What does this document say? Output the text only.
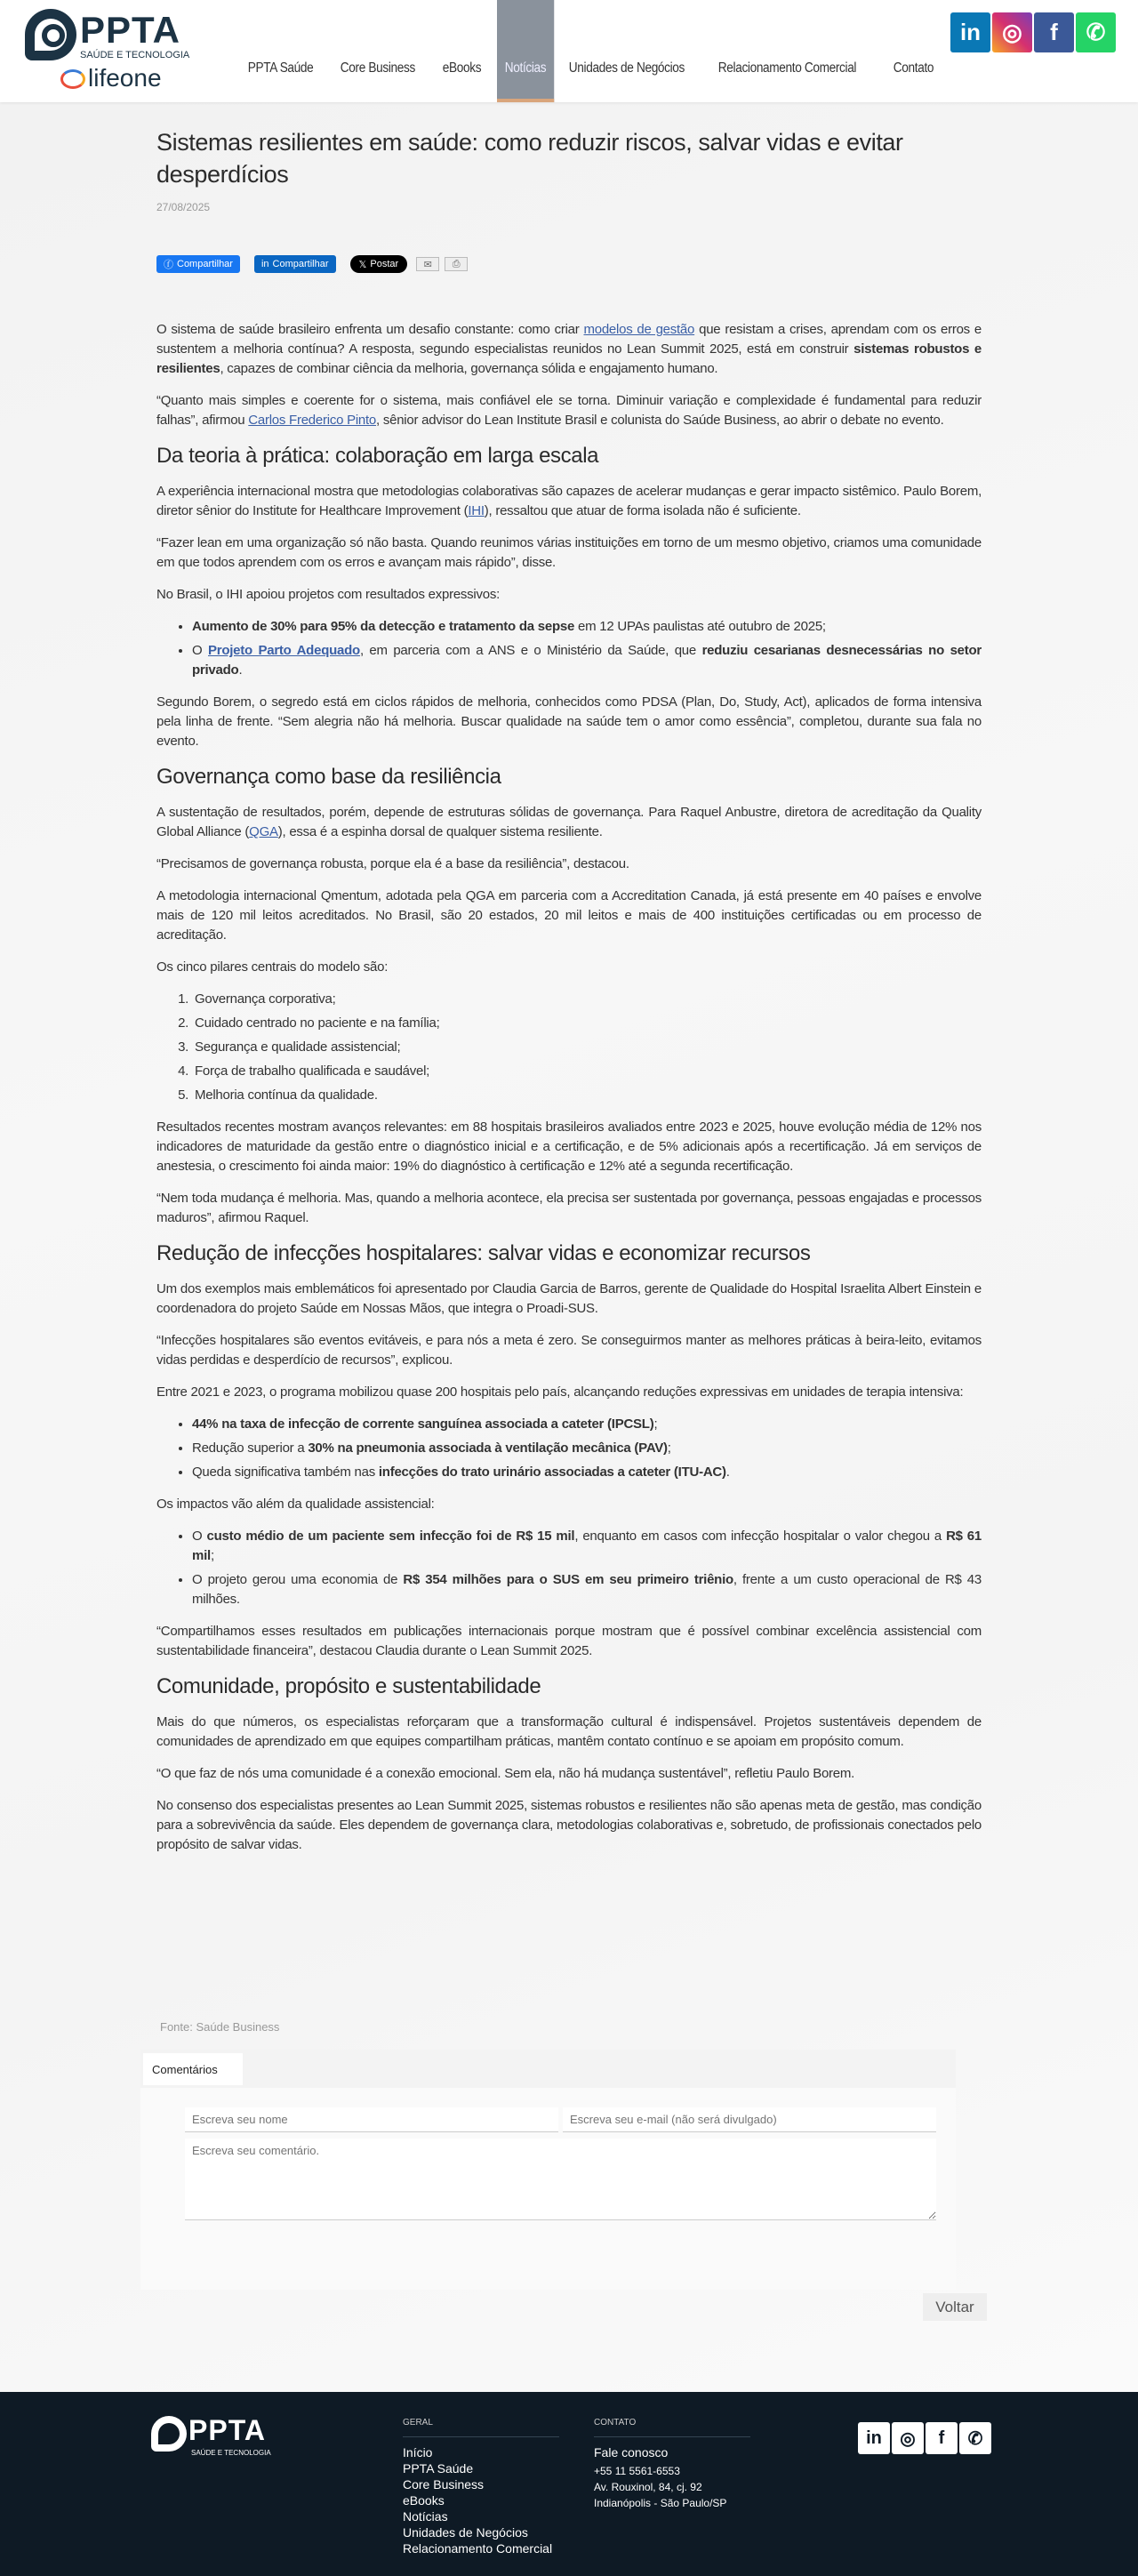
PPTA
SAÚDE E TECNOLOGIA
lifeone	PPTA Saúde	Core Business	eBooks	Notícias	Unidades de Negócios	Relacionamento Comercial	Contato
in ◎	f	✆
Sistemas resilientes em saúde: como reduzir riscos, salvar vidas e evitar desperdícios
27/08/2025
ⓕ Compartilhar	in Compartilhar	𝕏 Postar	✉	⎙

O sistema de saúde brasileiro enfrenta um desafio constante: como criar modelos de gestão que resistam a crises, aprendam com os erros e sustentem a melhoria contínua? A resposta, segundo especialistas reunidos no Lean Summit 2025, está em construir sistemas robustos e resilientes, capazes de combinar ciência da melhoria, governança sólida e engajamento humano.

“Quanto mais simples e coerente for o sistema, mais confiável ele se torna. Diminuir variação e complexidade é fundamental para reduzir falhas”, afirmou Carlos Frederico Pinto, sênior advisor do Lean Institute Brasil e colunista do Saúde Business, ao abrir o debate no evento.

Da teoria à prática: colaboração em larga escala

A experiência internacional mostra que metodologias colaborativas são capazes de acelerar mudanças e gerar impacto sistêmico. Paulo Borem, diretor sênior do Institute for Healthcare Improvement (IHI), ressaltou que atuar de forma isolada não é suficiente.

“Fazer lean em uma organização só não basta. Quando reunimos várias instituições em torno de um mesmo objetivo, criamos uma comunidade em que todos aprendem com os erros e avançam mais rápido”, disse.

No Brasil, o IHI apoiou projetos com resultados expressivos:

• Aumento de 30% para 95% da detecção e tratamento da sepse em 12 UPAs paulistas até outubro de 2025;
• O Projeto Parto Adequado, em parceria com a ANS e o Ministério da Saúde, que reduziu cesarianas desnecessárias no setor privado.

Segundo Borem, o segredo está em ciclos rápidos de melhoria, conhecidos como PDSA (Plan, Do, Study, Act), aplicados de forma intensiva pela linha de frente. “Sem alegria não há melhoria. Buscar qualidade na saúde tem o amor como essência”, completou, durante sua fala no evento.

Governança como base da resiliência

A sustentação de resultados, porém, depende de estruturas sólidas de governança. Para Raquel Anbustre, diretora de acreditação da Quality Global Alliance (QGA), essa é a espinha dorsal de qualquer sistema resiliente.

“Precisamos de governança robusta, porque ela é a base da resiliência”, destacou.

A metodologia internacional Qmentum, adotada pela QGA em parceria com a Accreditation Canada, já está presente em 40 países e envolve mais de 120 mil leitos acreditados. No Brasil, são 20 estados, 20 mil leitos e mais de 400 instituições certificadas ou em processo de acreditação.

Os cinco pilares centrais do modelo são:

1. Governança corporativa;
2. Cuidado centrado no paciente e na família;
3. Segurança e qualidade assistencial;
4. Força de trabalho qualificada e saudável;
5. Melhoria contínua da qualidade.

Resultados recentes mostram avanços relevantes: em 88 hospitais brasileiros avaliados entre 2023 e 2025, houve evolução média de 12% nos indicadores de maturidade da gestão entre o diagnóstico inicial e a certificação, e de 5% adicionais após a recertificação. Já em serviços de anestesia, o crescimento foi ainda maior: 19% do diagnóstico à certificação e 12% até a segunda recertificação.

“Nem toda mudança é melhoria. Mas, quando a melhoria acontece, ela precisa ser sustentada por governança, pessoas engajadas e processos maduros”, afirmou Raquel.

Redução de infecções hospitalares: salvar vidas e economizar recursos

Um dos exemplos mais emblemáticos foi apresentado por Claudia Garcia de Barros, gerente de Qualidade do Hospital Israelita Albert Einstein e coordenadora do projeto Saúde em Nossas Mãos, que integra o Proadi-SUS.

“Infecções hospitalares são eventos evitáveis, e para nós a meta é zero. Se conseguirmos manter as melhores práticas à beira-leito, evitamos vidas perdidas e desperdício de recursos”, explicou.

Entre 2021 e 2023, o programa mobilizou quase 200 hospitais pelo país, alcançando reduções expressivas em unidades de terapia intensiva:

• 44% na taxa de infecção de corrente sanguínea associada a cateter (IPCSL);
• Redução superior a 30% na pneumonia associada à ventilação mecânica (PAV);
• Queda significativa também nas infecções do trato urinário associadas a cateter (ITU-AC).

Os impactos vão além da qualidade assistencial:

• O custo médio de um paciente sem infecção foi de R$ 15 mil, enquanto em casos com infecção hospitalar o valor chegou a R$ 61 mil;
• O projeto gerou uma economia de R$ 354 milhões para o SUS em seu primeiro triênio, frente a um custo operacional de R$ 43 milhões.

“Compartilhamos esses resultados em publicações internacionais porque mostram que é possível combinar excelência assistencial com sustentabilidade financeira”, destacou Claudia durante o Lean Summit 2025.

Comunidade, propósito e sustentabilidade

Mais do que números, os especialistas reforçaram que a transformação cultural é indispensável. Projetos sustentáveis dependem de comunidades de aprendizado em que equipes compartilham práticas, mantêm contato contínuo e se apoiam em propósito comum.

“O que faz de nós uma comunidade é a conexão emocional. Sem ela, não há mudança sustentável”, refletiu Paulo Borem.

No consenso dos especialistas presentes ao Lean Summit 2025, sistemas robustos e resilientes não são apenas meta de gestão, mas condição para a sobrevivência da saúde. Eles dependem de governança clara, metodologias colaborativas e, sobretudo, de profissionais conectados pelo propósito de salvar vidas.

Fonte: Saúde Business
Comentários
Escreva seu nome
Escreva seu e-mail (não será divulgado)
Escreva seu comentário.
Voltar
PPTA
SAÚDE E TECNOLOGIA
GERAL
Início
PPTA Saúde
Core Business
eBooks
Notícias
Unidades de Negócios
Relacionamento Comercial
CONTATO
Fale conosco
+55 11 5561-6553
Av. Rouxinol, 84, cj. 92
Indianópolis - São Paulo/SP
in	◎	f	✆
